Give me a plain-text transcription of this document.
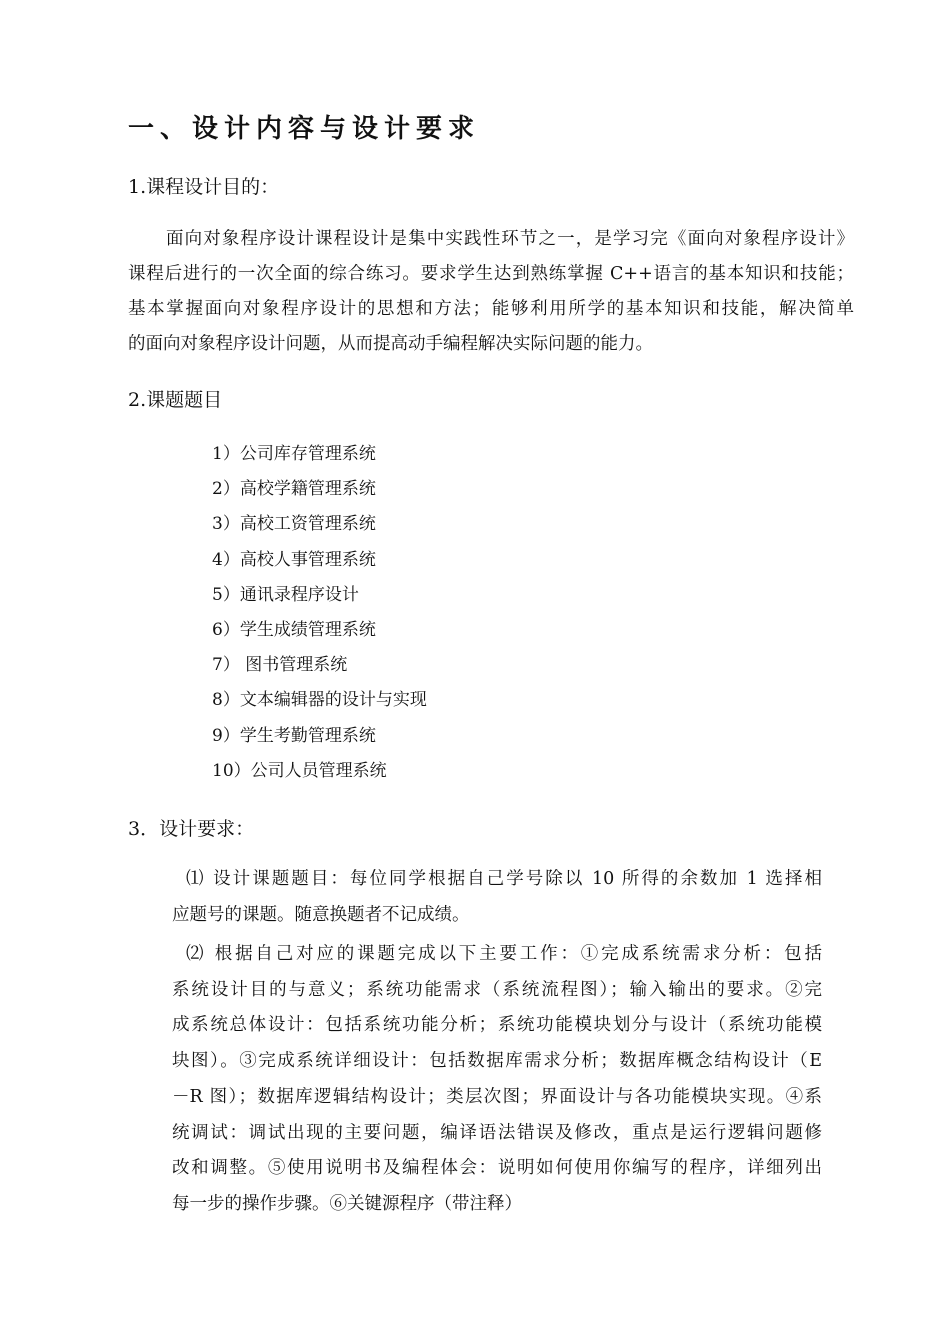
一、设计内容与设计要求
1.课程设计目的：
面向对象程序设计课程设计是集中实践性环节之一，是学习完《面向对象程序设计》
课程后进行的一次全面的综合练习。要求学生达到熟练掌握 C++语言的基本知识和技能；
基本掌握面向对象程序设计的思想和方法；能够利用所学的基本知识和技能，解决简单
的面向对象程序设计问题，从而提高动手编程解决实际问题的能力。
2.课题题目
1）公司库存管理系统
2）高校学籍管理系统
3）高校工资管理系统
4）高校人事管理系统
5）通讯录程序设计
6）学生成绩管理系统
7） 图书管理系统
8）文本编辑器的设计与实现
9）学生考勤管理系统
10）公司人员管理系统
3．设计要求：
⑴ 设计课题题目：每位同学根据自己学号除以 10 所得的余数加 1 选择相
应题号的课题。随意换题者不记成绩。
⑵ 根据自己对应的课题完成以下主要工作：①完成系统需求分析：包括
系统设计目的与意义；系统功能需求（系统流程图）；输入输出的要求。②完
成系统总体设计：包括系统功能分析；系统功能模块划分与设计（系统功能模
块图）。③完成系统详细设计：包括数据库需求分析；数据库概念结构设计（E
－R 图）；数据库逻辑结构设计；类层次图；界面设计与各功能模块实现。④系
统调试：调试出现的主要问题，编译语法错误及修改，重点是运行逻辑问题修
改和调整。⑤使用说明书及编程体会：说明如何使用你编写的程序，详细列出
每一步的操作步骤。⑥关键源程序（带注释）
